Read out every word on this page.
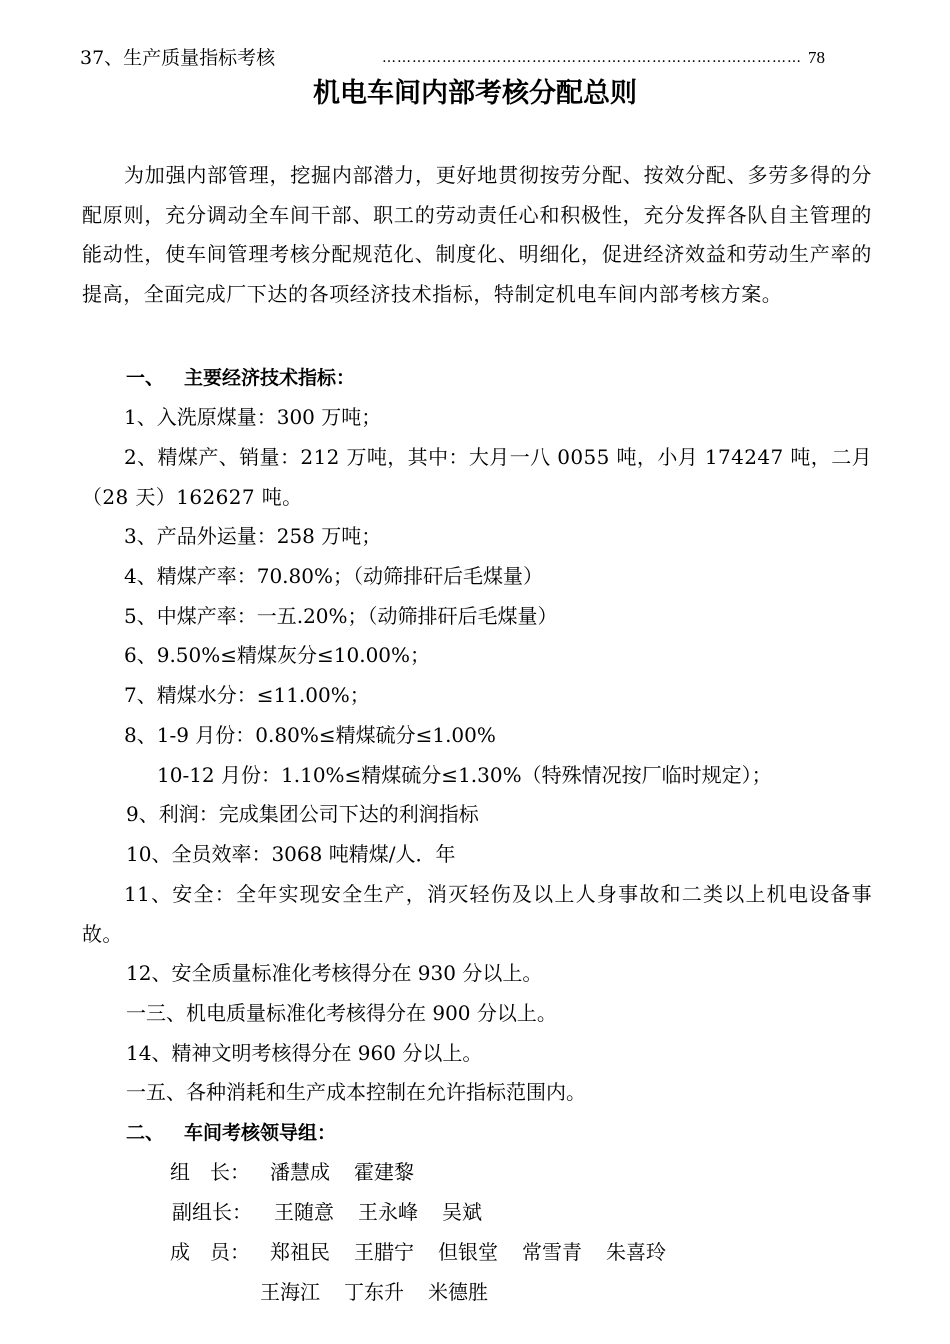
37、生产质量指标考核	………………………………………………………………………… 78
机电车间内部考核分配总则
为加强内部管理，挖掘内部潜力，更好地贯彻按劳分配、按效分配、多劳多得的分配原则，充分调动全车间干部、职工的劳动责任心和积极性，充分发挥各队自主管理的能动性，使车间管理考核分配规范化、制度化、明细化，促进经济效益和劳动生产率的提高，全面完成厂下达的各项经济技术指标，特制定机电车间内部考核方案。
一、 主要经济技术指标：
1、入洗原煤量：300 万吨；
2、精煤产、销量：212 万吨，其中：大月一八 0055 吨，小月 174247 吨，二月（28 天）162627 吨。
3、产品外运量：258 万吨；
4、精煤产率：70.80%；（动筛排矸后毛煤量）
5、中煤产率：一五.20%；（动筛排矸后毛煤量）
6、9.50%≤精煤灰分≤10.00%；
7、精煤水分：≤11.00%；
8、1-9 月份：0.80%≤精煤硫分≤1.00%
10-12 月份：1.10%≤精煤硫分≤1.30%（特殊情况按厂临时规定）；
9、利润：完成集团公司下达的利润指标
10、全员效率：3068 吨精煤/人．年
11、安全：全年实现安全生产，消灭轻伤及以上人身事故和二类以上机电设备事故。
12、安全质量标准化考核得分在 930 分以上。
一三、机电质量标准化考核得分在 900 分以上。
14、精神文明考核得分在 960 分以上。
一五、各种消耗和生产成本控制在允许指标范围内。
二、 车间考核领导组：
组　长： 潘慧成 霍建黎
副组长： 王随意 王永峰 吴斌
成　员： 郑祖民 王腊宁 但银堂 常雪青 朱喜玲
王海江 丁东升 米德胜
